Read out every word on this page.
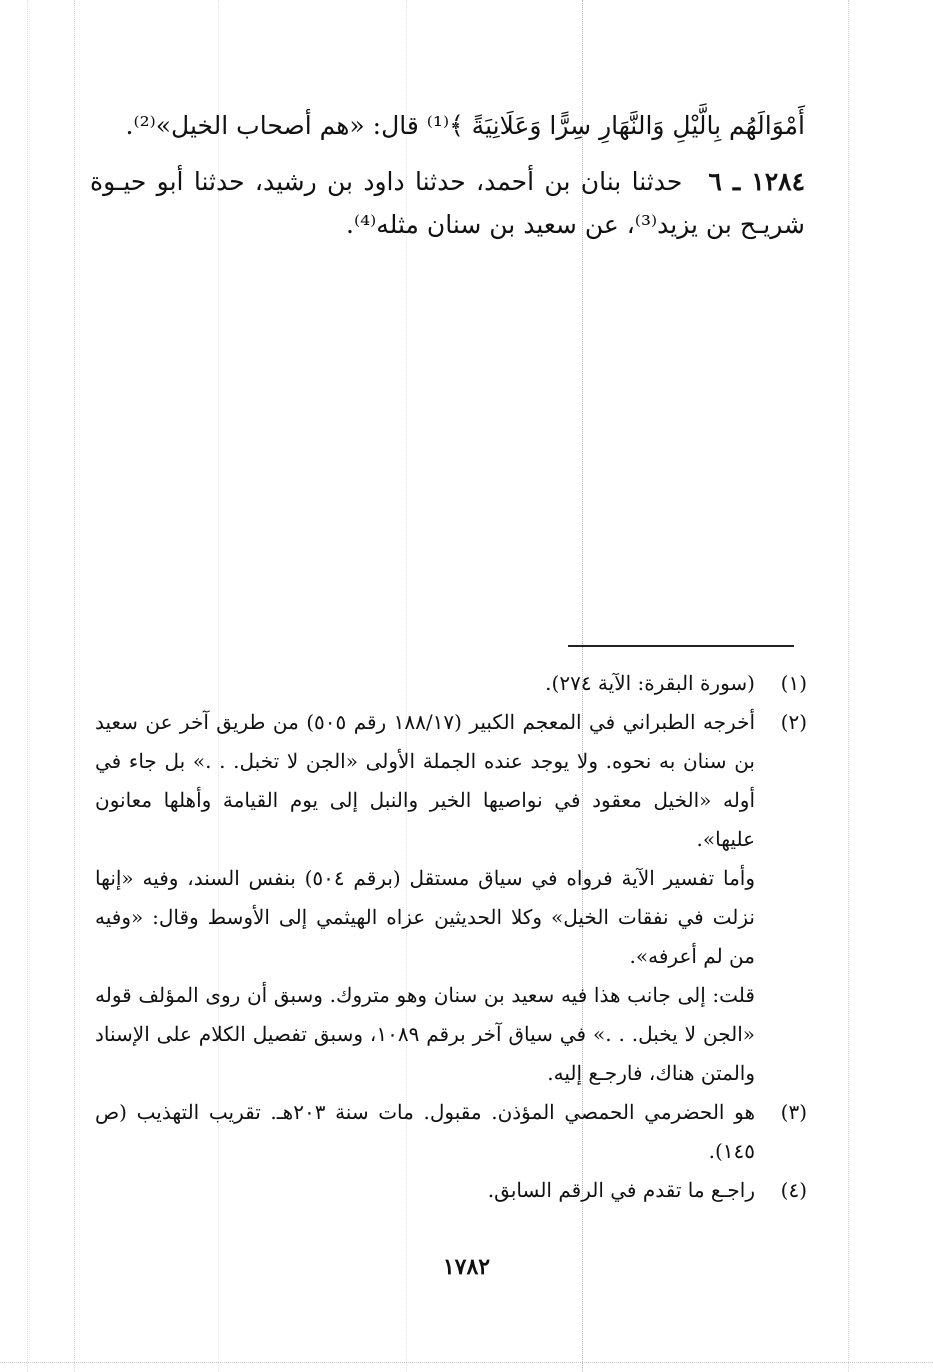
أَمْوَالَهُم بِالَّيْلِ وَالنَّهَارِ سِرًّا وَعَلَانِيَةً ﴾⁽¹⁾ قال: «هم أصحاب الخيل»⁽²⁾.
١٢٨٤ ـ ٦حدثنا بنان بن أحمد، حدثنا داود بن رشيد، حدثنا أبو حيـوة شريـح بن يزيد⁽³⁾، عن سعيد بن سنان مثله⁽⁴⁾.
(١)

(سورة البقرة: الآية ٢٧٤).

(٢)

أخرجه الطبراني في المعجم الكبير (١٨٨/١٧ رقم ٥٠٥) من طريق آخر عن سعيد بن سنان به نحوه. ولا يوجد عنده الجملة الأولى «الجن لا تخبل. . .» بل جاء في أوله «الخيل معقود في نواصيها الخير والنبل إلى يوم القيامة وأهلها معانون عليها».

وأما تفسير الآية فرواه في سياق مستقل (برقم ٥٠٤) بنفس السند، وفيه «إنها نزلت في نفقات الخيل» وكلا الحديثين عزاه الهيثمي إلى الأوسط وقال: «وفيه من لم أعرفه».

قلت: إلى جانب هذا فيه سعيد بن سنان وهو متروك. وسبق أن روى المؤلف قوله «الجن لا يخبل. . .» في سياق آخر برقم ١٠٨٩، وسبق تفصيل الكلام على الإسناد والمتن هناك، فارجـع إليه.

(٣)

هو الحضرمي الحمصي المؤذن. مقبول. مات سنة ٢٠٣هـ. تقريب التهذيب (ص ١٤٥).

(٤)

راجـع ما تقدم في الرقم السابق.

١٧٨٢
